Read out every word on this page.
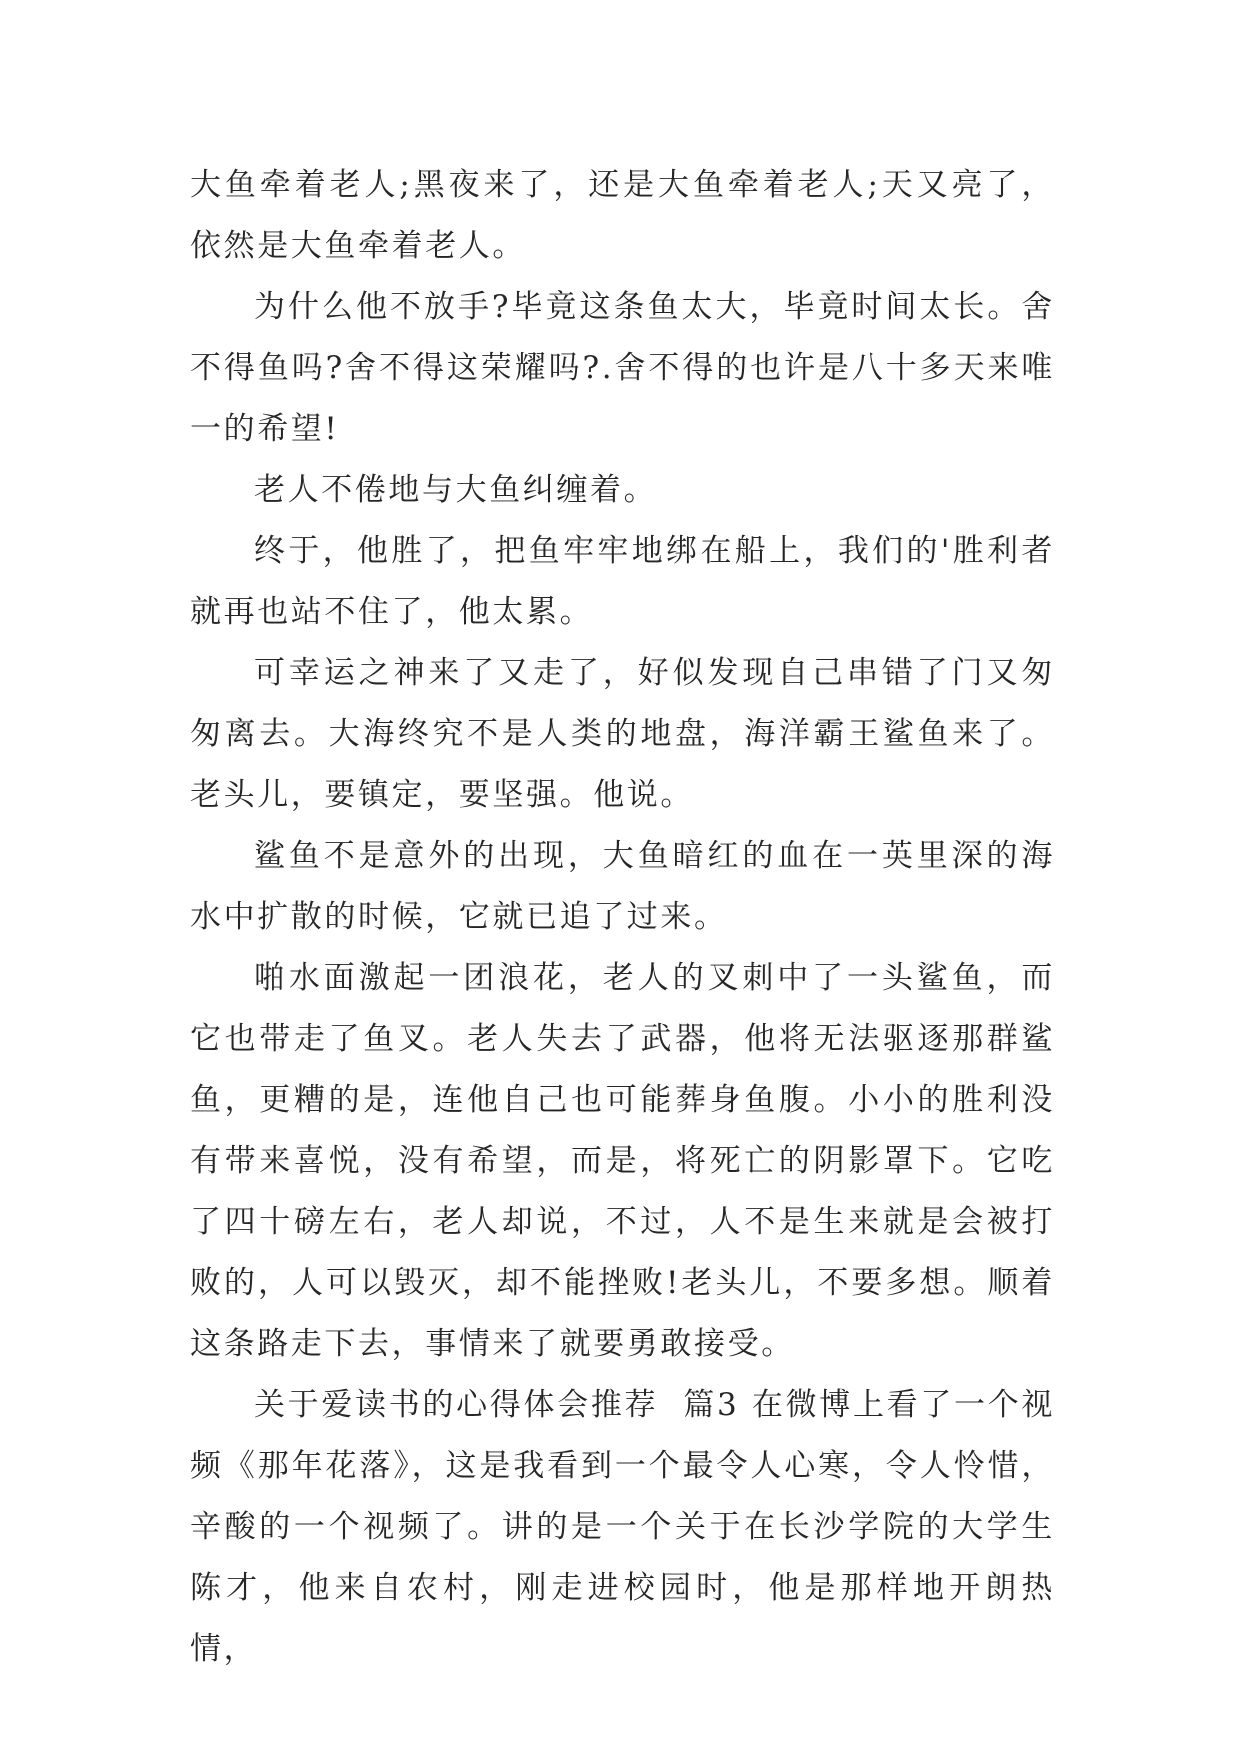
大鱼牵着老人;黑夜来了，还是大鱼牵着老人;天又亮了，依然是大鱼牵着老人。

为什么他不放手?毕竟这条鱼太大，毕竟时间太长。舍不得鱼吗?舍不得这荣耀吗?.舍不得的也许是八十多天来唯一的希望!

老人不倦地与大鱼纠缠着。

终于，他胜了，把鱼牢牢地绑在船上，我们的'胜利者就再也站不住了，他太累。

可幸运之神来了又走了，好似发现自己串错了门又匆匆离去。大海终究不是人类的地盘，海洋霸王鲨鱼来了。老头儿，要镇定，要坚强。他说。

鲨鱼不是意外的出现，大鱼暗红的血在一英里深的海水中扩散的时候，它就已追了过来。

啪水面激起一团浪花，老人的叉刺中了一头鲨鱼，而它也带走了鱼叉。老人失去了武器，他将无法驱逐那群鲨鱼，更糟的是，连他自己也可能葬身鱼腹。小小的胜利没有带来喜悦，没有希望，而是，将死亡的阴影罩下。它吃了四十磅左右，老人却说，不过，人不是生来就是会被打败的，人可以毁灭，却不能挫败!老头儿，不要多想。顺着这条路走下去，事情来了就要勇敢接受。

关于爱读书的心得体会推荐  篇3 在微博上看了一个视频《那年花落》，这是我看到一个最令人心寒，令人怜惜，辛酸的一个视频了。讲的是一个关于在长沙学院的大学生陈才，他来自农村，刚走进校园时，他是那样地开朗热情，
